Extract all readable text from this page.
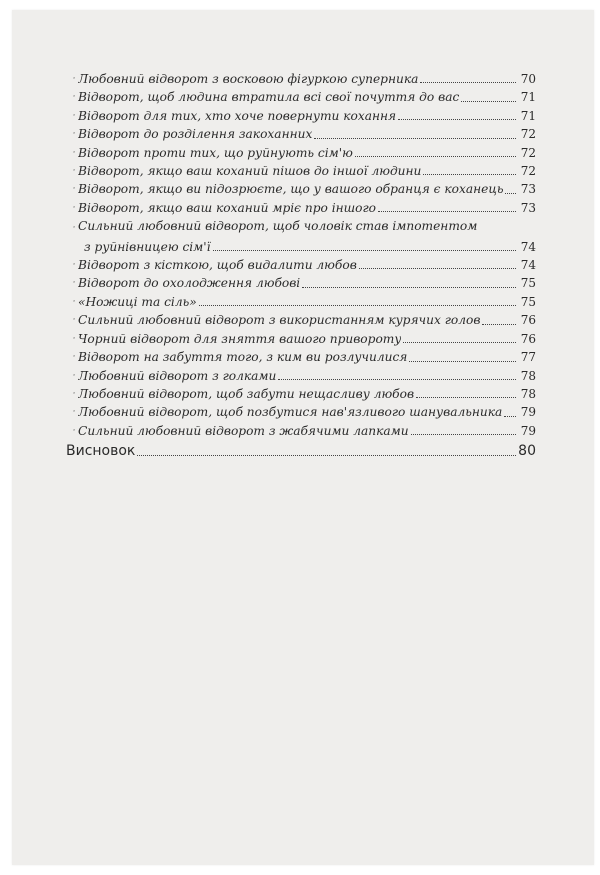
· Любовний відворот з восковою фігуркою суперника	70
· Відворот, щоб людина втратила всі свої почуття до вас	71
· Відворот для тих, хто хоче повернути кохання	71
· Відворот до розділення закоханних	72
· Відворот проти тих, що руйнують сім'ю	72
· Відворот, якщо ваш коханий пішов до іншої людини	72
· Відворот, якщо ви підозрюєте, що у вашого обранця є коханець 73
· Відворот, якщо ваш коханий мріє про іншого	73
· Сильний любовний відворот, щоб чоловік став імпотентом
з руйнівницею сім'ї	74
· Відворот з кісткою, щоб видалити любов	74
· Відворот до охолодження любові	75
· «Ножиці та сіль»	75
· Сильний любовний відворот з використанням курячих голов	76
· Чорний відворот для зняття вашого привороту	76
· Відворот на забуття того, з ким ви розлучилися	77
· Любовний відворот з голками	78
· Любовний відворот, щоб забути нещасливу любов	78
· Любовний відворот, щоб позбутися нав'язливого шанувальника 79
· Сильний любовний відворот з жабячими лапками	79
Висновок	80
